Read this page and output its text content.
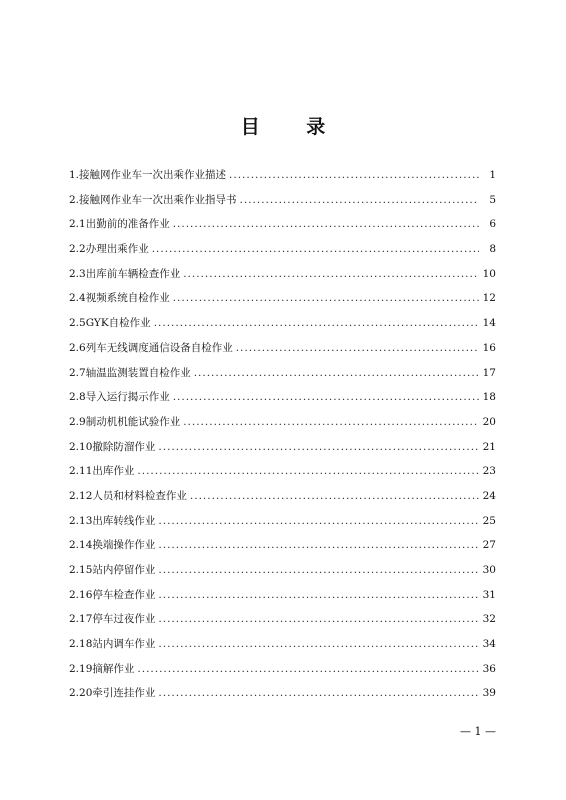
目 录
1.接触网作业车一次出乘作业描述 .....	1
2.接触网作业车一次出乘作业指导书 .....	5
2.1出勤前的准备作业 .....	6
2.2办理出乘作业 .....	8
2.3出库前车辆检查作业 .....	10
2.4视频系统自检作业 .....	12
2.5GYK自检作业 .....	14
2.6列车无线调度通信设备自检作业 .....	16
2.7轴温监测装置自检作业 .....	17
2.8导入运行揭示作业 .....	18
2.9制动机机能试验作业 .....	20
2.10撤除防溜作业 .....	21
2.11出库作业 .....	23
2.12人员和材料检查作业 .....	24
2.13出库转线作业 .....	25
2.14换端操作作业 .....	27
2.15站内停留作业 .....	30
2.16停车检查作业 .....	31
2.17停车过夜作业 .....	32
2.18站内调车作业 .....	34
2.19摘解作业 .....	36
2.20牵引连挂作业 .....	39
— 1 —
